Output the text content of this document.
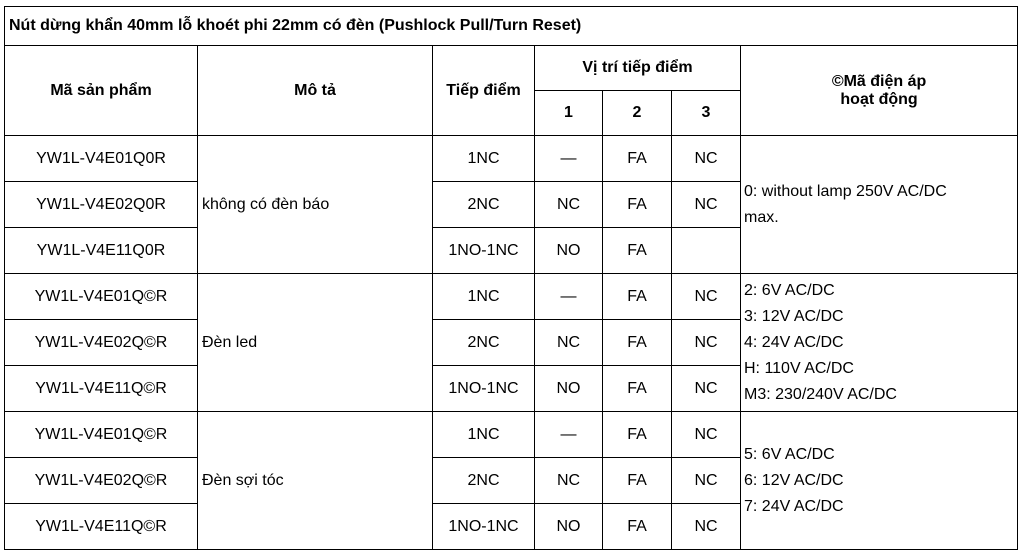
Nút dừng khẩn 40mm lỗ khoét phi 22mm có đèn (Pushlock Pull/Turn Reset)						
Mã sản phẩm	Mô tả	Tiếp điểm	Vị trí tiếp điểm			©Mã điện áp
hoạt động

			1	2	3	
YW1L-V4E01Q0R	không có đèn báo	1NC	—	FA	NC	0: without lamp 250V AC/DC
max.

YW1L-V4E02Q0R		2NC	NC	FA	NC	
YW1L-V4E11Q0R		1NO-1NC	NO	FA		
YW1L-V4E01Q©R	Đèn led	1NC	—	FA	NC	2: 6V AC/DC
3: 12V AC/DC
4: 24V AC/DC
H: 110V AC/DC
M3: 230/240V AC/DC

YW1L-V4E02Q©R		2NC	NC	FA	NC	
YW1L-V4E11Q©R		1NO-1NC	NO	FA	NC	
YW1L-V4E01Q©R	Đèn sợi tóc	1NC	—	FA	NC	5: 6V AC/DC
6: 12V AC/DC
7: 24V AC/DC

YW1L-V4E02Q©R		2NC	NC	FA	NC	
YW1L-V4E11Q©R		1NO-1NC	NO	FA	NC	
